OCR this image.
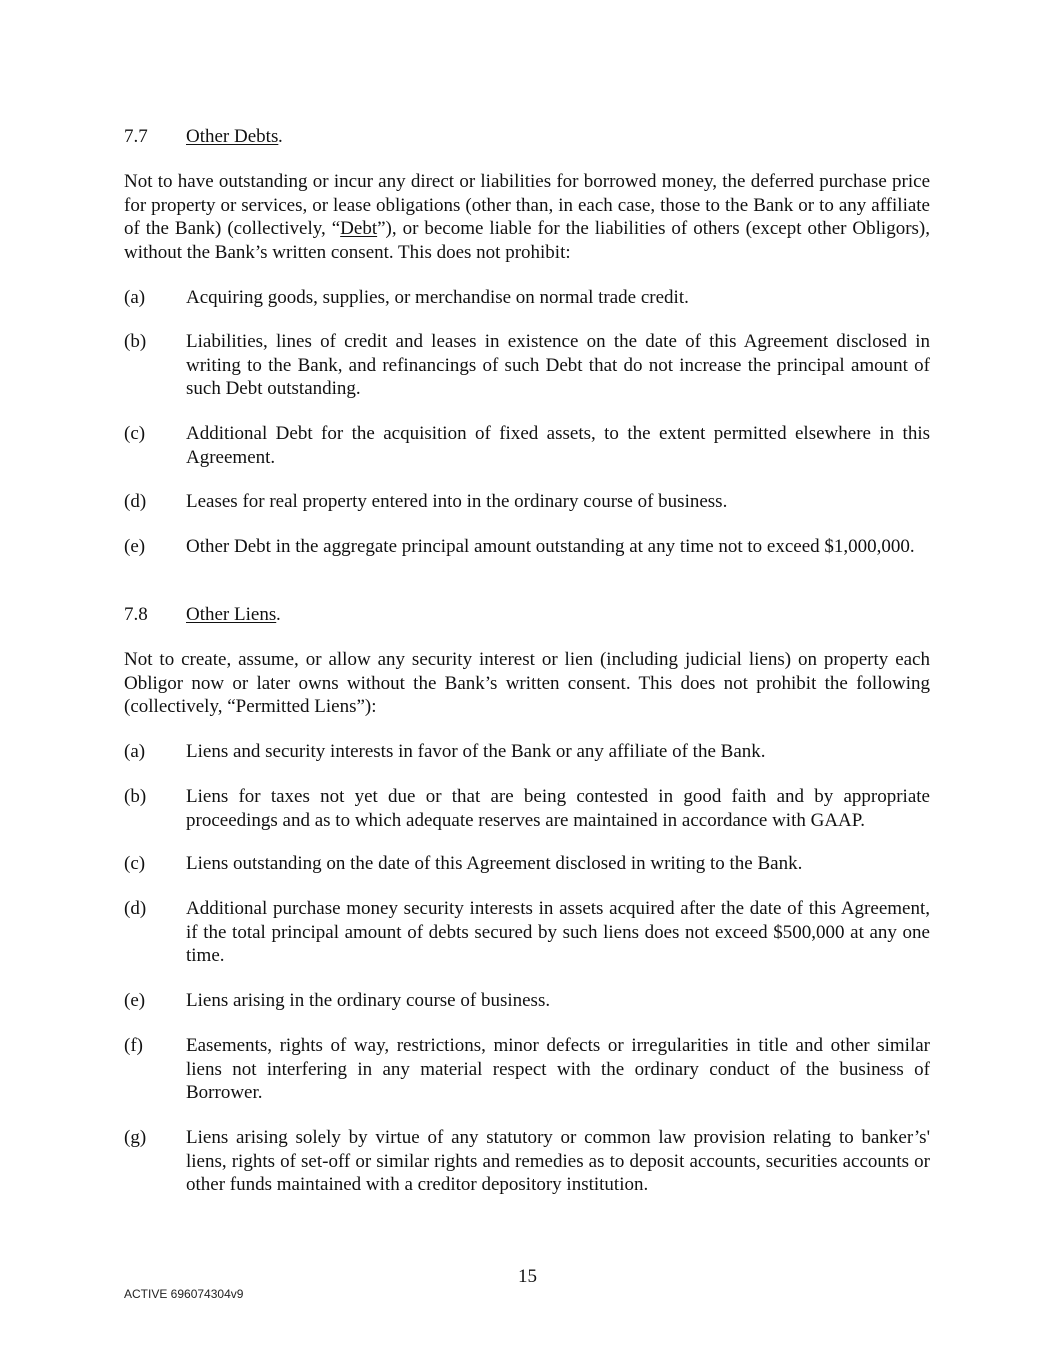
7.7 Other Debts .
Not to have outstanding or incur any direct or liabilities for borrowed money, the deferred purchase price for property or services, or lease obligations (other than, in each case, those to the Bank or to any affiliate of the Bank) (collectively, “Debt”), or become liable for the liabilities of others (except other Obligors), without the Bank’s written consent. This does not prohibit:
(a) Acquiring goods, supplies, or merchandise on normal trade credit.
(b) Liabilities, lines of credit and leases in existence on the date of this Agreement disclosed in writing to the Bank, and refinancings of such Debt that do not increase the principal amount of such Debt outstanding.
(c) Additional Debt for the acquisition of fixed assets, to the extent permitted elsewhere in this Agreement.
(d) Leases for real property entered into in the ordinary course of business.
(e) Other Debt in the aggregate principal amount outstanding at any time not to exceed $1,000,000.
7.8 Other Liens .
Not to create, assume, or allow any security interest or lien (including judicial liens) on property each Obligor now or later owns without the Bank’s written consent. This does not prohibit the following (collectively, “Permitted Liens”):
(a) Liens and security interests in favor of the Bank or any affiliate of the Bank.
(b) Liens for taxes not yet due or that are being contested in good faith and by appropriate proceedings and as to which adequate reserves are maintained in accordance with GAAP.
(c) Liens outstanding on the date of this Agreement disclosed in writing to the Bank.
(d) Additional purchase money security interests in assets acquired after the date of this Agreement, if the total principal amount of debts secured by such liens does not exceed $500,000 at any one time.
(e) Liens arising in the ordinary course of business.
(f) Easements, rights of way, restrictions, minor defects or irregularities in title and other similar liens not interfering in any material respect with the ordinary conduct of the business of Borrower.
(g) Liens arising solely by virtue of any statutory or common law provision relating to banker’s' liens, rights of set-off or similar rights and remedies as to deposit accounts, securities accounts or other funds maintained with a creditor depository institution.
15
ACTIVE 696074304v9
